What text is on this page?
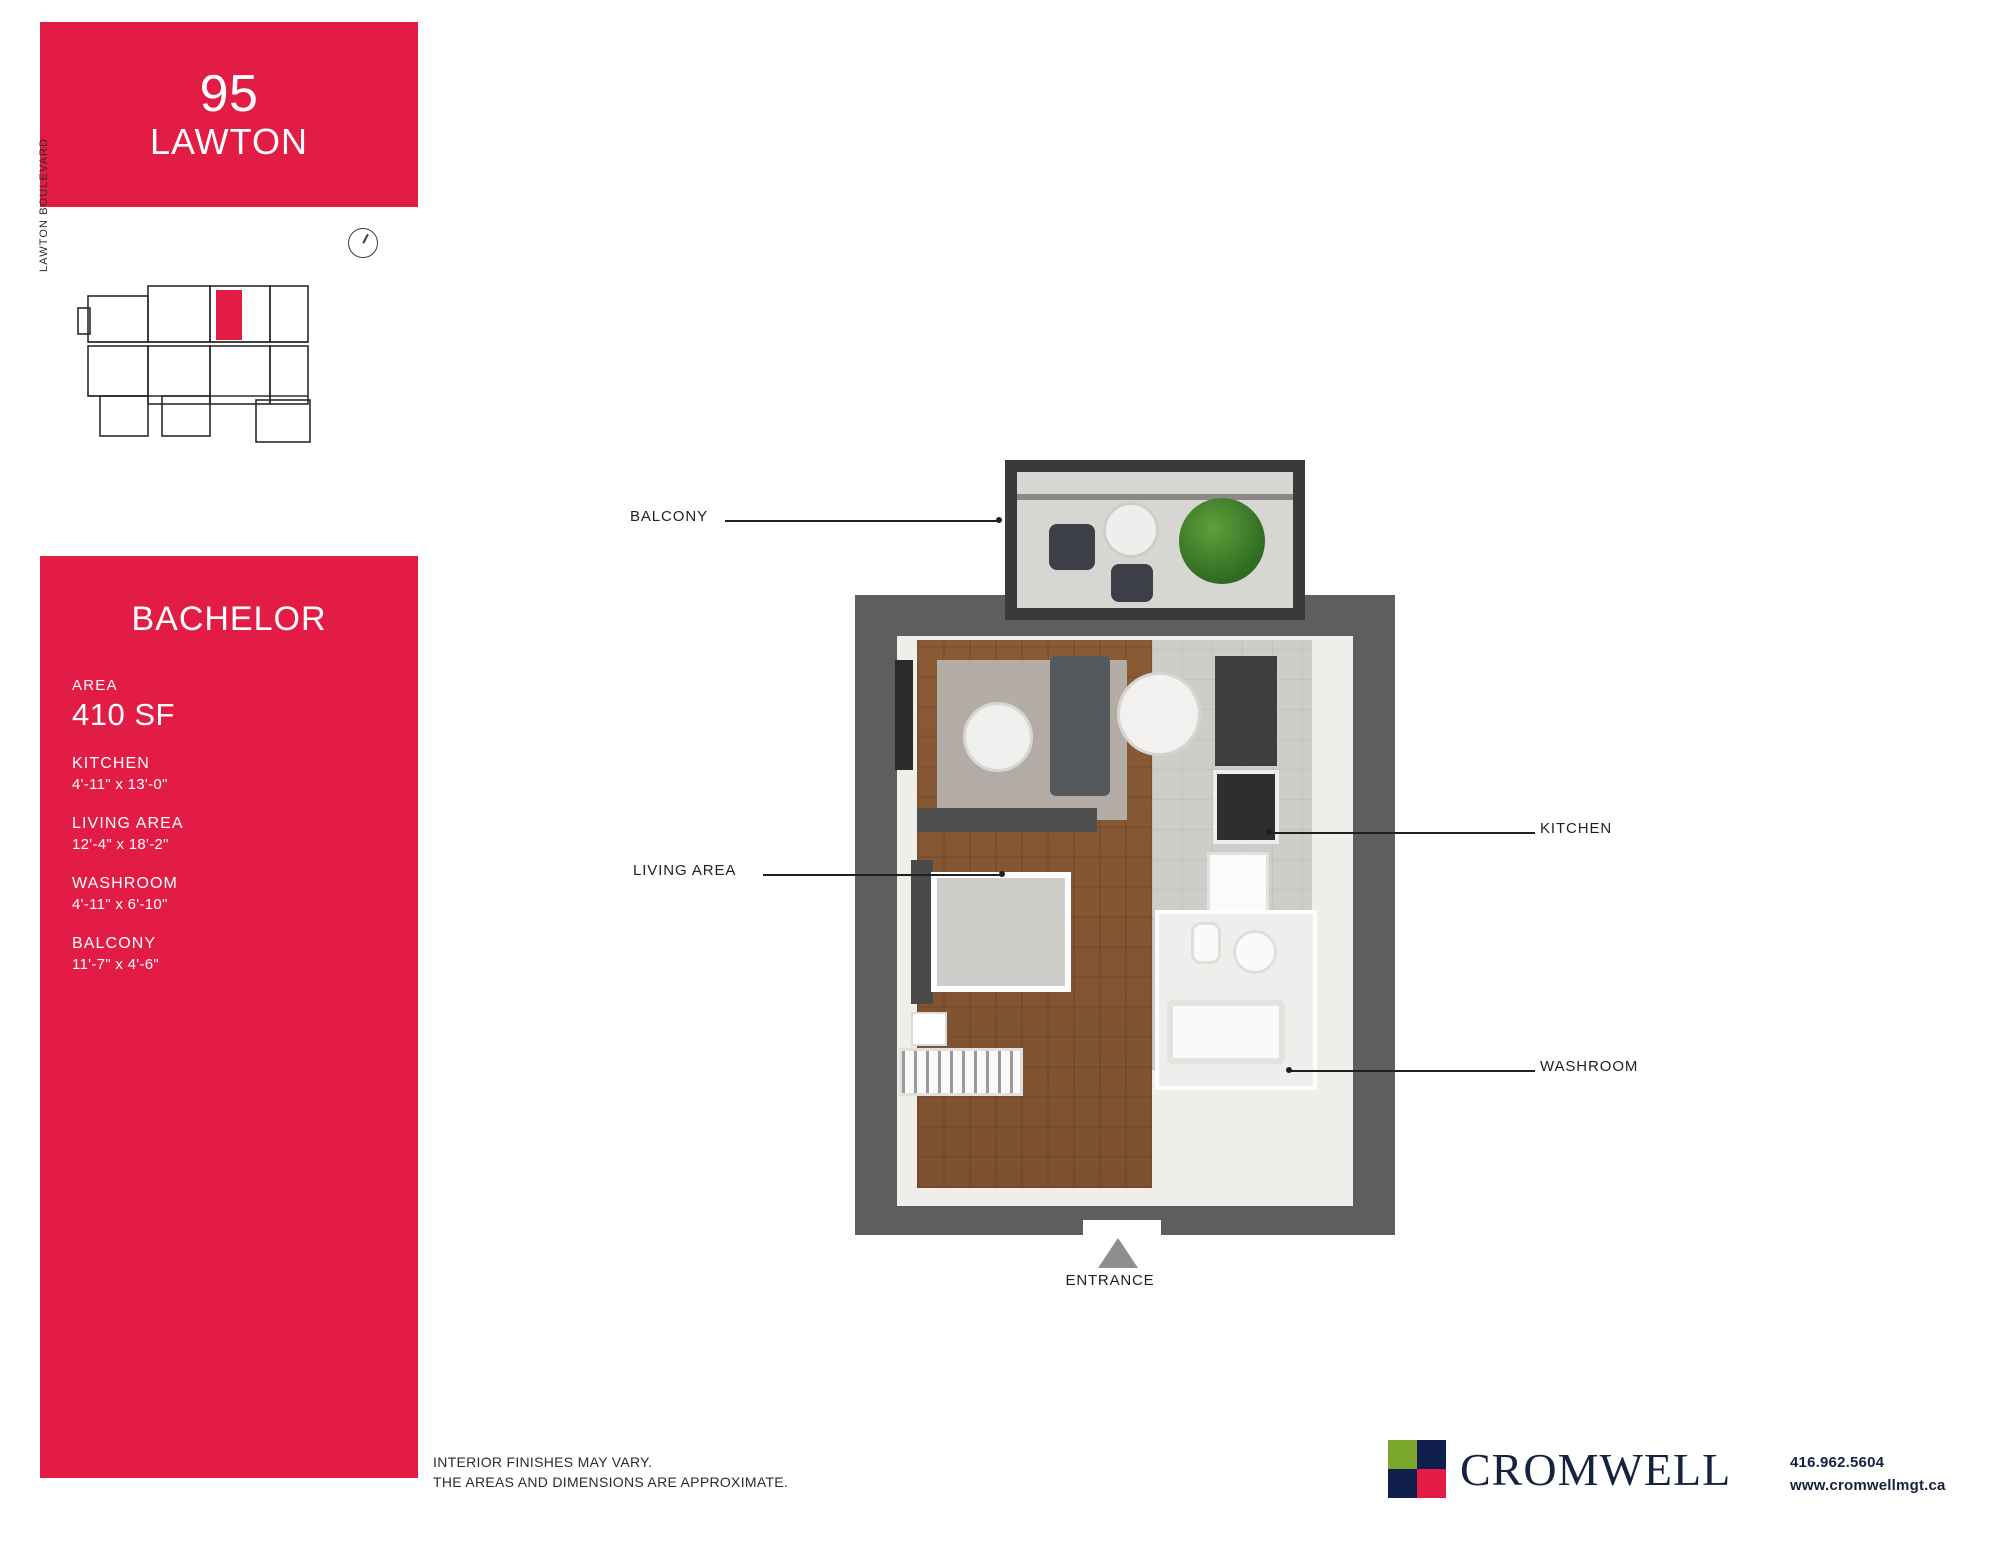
95
LAWTON
LAWTON BOULEVARD
BACHELOR
AREA
410 SF
KITCHEN
4'-11" x 13'-0"
LIVING AREA
12'-4" x 18'-2"
WASHROOM
4'-11" x 6'-10"
BALCONY
11'-7" x 4'-6"
ENTRANCE
BALCONY
KITCHEN
WASHROOM
LIVING AREA
INTERIOR FINISHES MAY VARY.
THE AREAS AND DIMENSIONS ARE APPROXIMATE.	CROMWELL	416.962.5604
www.cromwellmgt.ca
